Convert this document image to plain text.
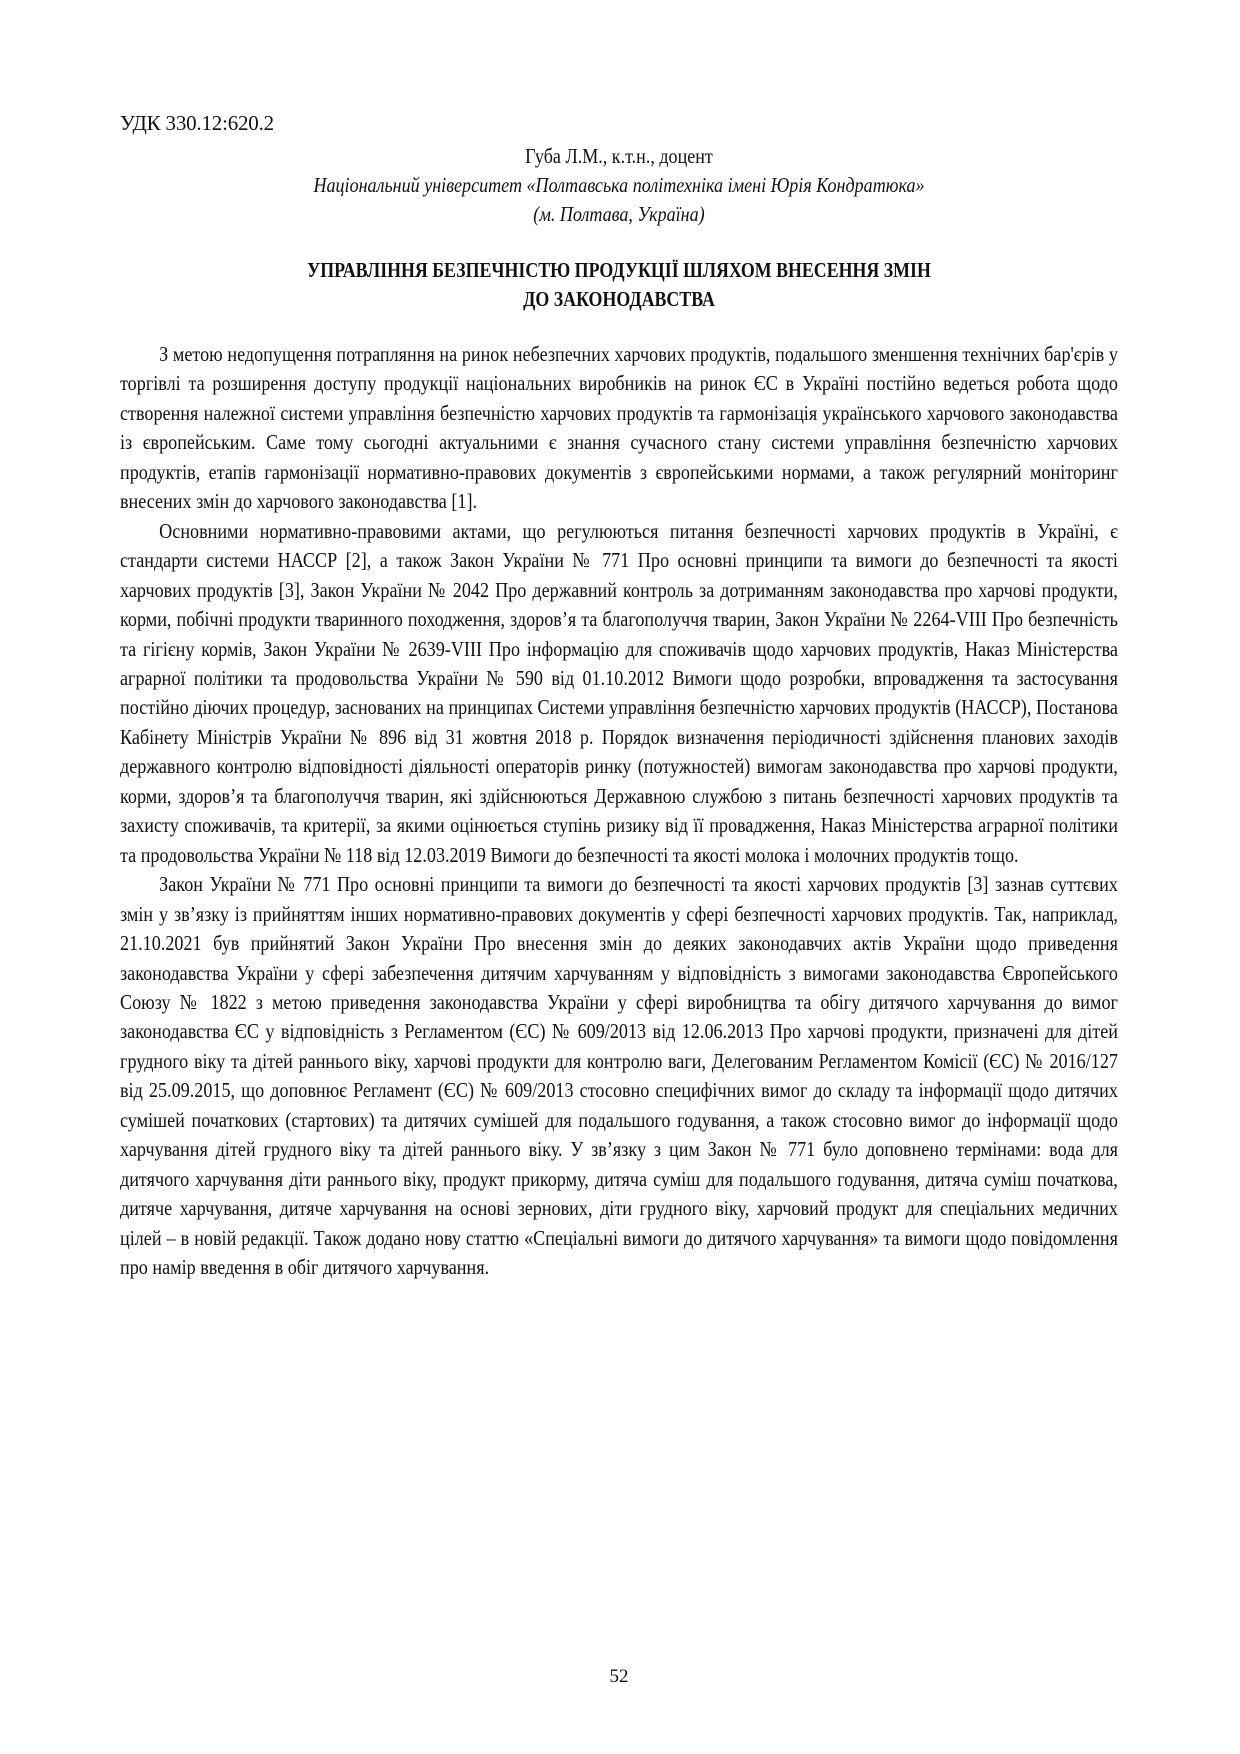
УДК 330.12:620.2
Губа Л.М., к.т.н., доцент
Національний університет «Полтавська політехніка імені Юрія Кондратюка»
(м. Полтава, Україна)
УПРАВЛІННЯ БЕЗПЕЧНІСТЮ ПРОДУКЦІЇ ШЛЯХОМ ВНЕСЕННЯ ЗМІН
ДО ЗАКОНОДАВСТВА

З метою недопущення потрапляння на ринок небезпечних харчових продуктів, подальшого зменшення технічних бар'єрів у торгівлі та розширення доступу продукції національних виробників на ринок ЄС в Україні постійно ведеться робота щодо створення належної системи управління безпечністю харчових продуктів та гармонізація українського харчового законодавства із європейським. Саме тому сьогодні актуальними є знання сучасного стану системи управління безпечністю харчових продуктів, етапів гармонізації нормативно-правових документів з європейськими нормами, а також регулярний моніторинг внесених змін до харчового законодавства [1].

Основними нормативно-правовими актами, що регулюються питання безпечності харчових продуктів в Україні, є стандарти системи НАССР [2], а також Закон України № 771 Про основні принципи та вимоги до безпечності та якості харчових продуктів [3], Закон України № 2042 Про державний контроль за дотриманням законодавства про харчові продукти, корми, побічні продукти тваринного походження, здоров’я та благополуччя тварин, Закон України № 2264-VIII Про безпечність та гігієну кормів, Закон України № 2639-VIII Про інформацію для споживачів щодо харчових продуктів, Наказ Міністерства аграрної політики та продовольства України № 590 від 01.10.2012 Вимоги щодо розробки, впровадження та застосування постійно діючих процедур, заснованих на принципах Системи управління безпечністю харчових продуктів (НАССР), Постанова Кабінету Міністрів України № 896 від 31 жовтня 2018 р. Порядок визначення періодичності здійснення планових заходів державного контролю відповідності діяльності операторів ринку (потужностей) вимогам законодавства про харчові продукти, корми, здоров’я та благополуччя тварин, які здійснюються Державною службою з питань безпечності харчових продуктів та захисту споживачів, та критерії, за якими оцінюється ступінь ризику від її провадження, Наказ Міністерства аграрної політики та продовольства України № 118 від 12.03.2019 Вимоги до безпечності та якості молока і молочних продуктів тощо.

Закон України № 771 Про основні принципи та вимоги до безпечності та якості харчових продуктів [3] зазнав суттєвих змін у зв’язку із прийняттям інших нормативно-правових документів у сфері безпечності харчових продуктів. Так, наприклад, 21.10.2021 був прийнятий Закон України Про внесення змін до деяких законодавчих актів України щодо приведення законодавства України у сфері забезпечення дитячим харчуванням у відповідність з вимогами законодавства Європейського Союзу № 1822 з метою приведення законодавства України у сфері виробництва та обігу дитячого харчування до вимог законодавства ЄС у відповідність з Регламентом (ЄС) № 609/2013 від 12.06.2013 Про харчові продукти, призначені для дітей грудного віку та дітей раннього віку, харчові продукти для контролю ваги, Делегованим Регламентом Комісії (ЄС) № 2016/127 від 25.09.2015, що доповнює Регламент (ЄС) № 609/2013 стосовно специфічних вимог до складу та інформації щодо дитячих сумішей початкових (стартових) та дитячих сумішей для подальшого годування, а також стосовно вимог до інформації щодо харчування дітей грудного віку та дітей раннього віку. У зв’язку з цим Закон № 771 було доповнено термінами: вода для дитячого харчування діти раннього віку, продукт прикорму, дитяча суміш для подальшого годування, дитяча суміш початкова, дитяче харчування, дитяче харчування на основі зернових, діти грудного віку, харчовий продукт для спеціальних медичних цілей – в новій редакції. Також додано нову статтю «Спеціальні вимоги до дитячого харчування» та вимоги щодо повідомлення про намір введення в обіг дитячого харчування.

52
